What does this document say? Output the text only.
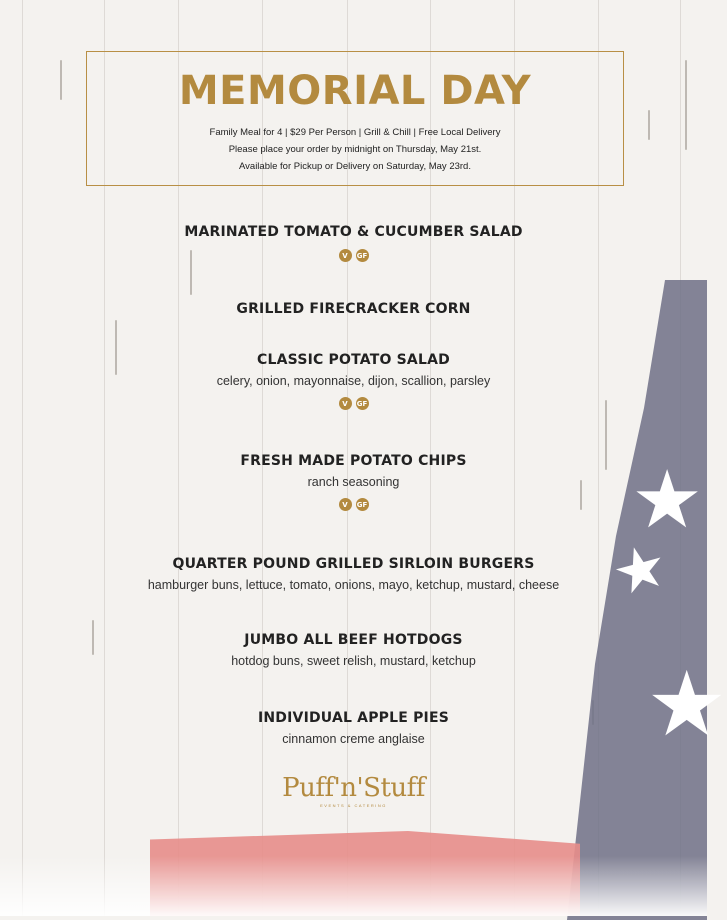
★
★
★
MEMORIAL DAY
Family Meal for 4 | $29 Per Person | Grill & Chill | Free Local Delivery
Please place your order by midnight on Thursday, May 21st.
Available for Pickup or Delivery on Saturday, May 23rd.
MARINATED TOMATO & CUCUMBER SALAD
V	GF
GRILLED FIRECRACKER CORN
CLASSIC POTATO SALAD
celery, onion, mayonnaise, dijon, scallion, parsley
V	GF
FRESH MADE POTATO CHIPS
ranch seasoning
V	GF
QUARTER POUND GRILLED SIRLOIN BURGERS
hamburger buns, lettuce, tomato, onions, mayo, ketchup, mustard, cheese
JUMBO ALL BEEF HOTDOGS
hotdog buns, sweet relish, mustard, ketchup
INDIVIDUAL APPLE PIES
cinnamon creme anglaise
Puff'n'Stuff
EVENTS & CATERING
